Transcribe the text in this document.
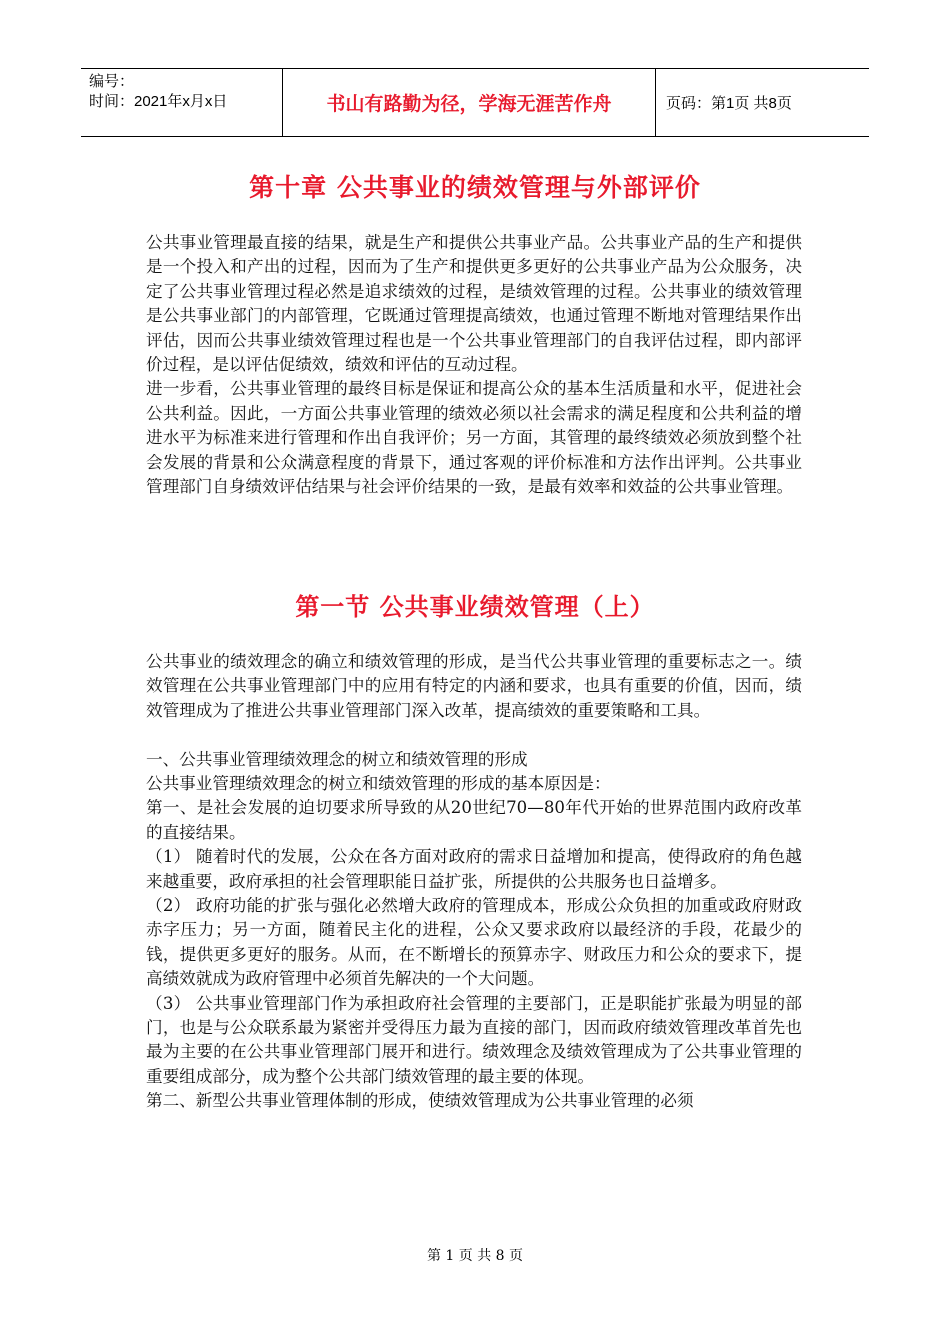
编号：
时间：2021年x月x日	书山有路勤为径，学海无涯苦作舟	页码：第1页 共8页
第十章 公共事业的绩效管理与外部评价

公共事业管理最直接的结果，就是生产和提供公共事业产品。公共事业产品的生产和提供是一个投入和产出的过程，因而为了生产和提供更多更好的公共事业产品为公众服务，决定了公共事业管理过程必然是追求绩效的过程，是绩效管理的过程。公共事业的绩效管理是公共事业部门的内部管理，它既通过管理提高绩效，也通过管理不断地对管理结果作出评估，因而公共事业绩效管理过程也是一个公共事业管理部门的自我评估过程，即内部评价过程，是以评估促绩效，绩效和评估的互动过程。

进一步看，公共事业管理的最终目标是保证和提高公众的基本生活质量和水平，促进社会公共利益。因此，一方面公共事业管理的绩效必须以社会需求的满足程度和公共利益的增进水平为标准来进行管理和作出自我评价；另一方面，其管理的最终绩效必须放到整个社会发展的背景和公众满意程度的背景下，通过客观的评价标准和方法作出评判。公共事业管理部门自身绩效评估结果与社会评价结果的一致，是最有效率和效益的公共事业管理。

第一节 公共事业绩效管理（上）

公共事业的绩效理念的确立和绩效管理的形成，是当代公共事业管理的重要标志之一。绩效管理在公共事业管理部门中的应用有特定的内涵和要求，也具有重要的价值，因而，绩效管理成为了推进公共事业管理部门深入改革，提高绩效的重要策略和工具。

一、公共事业管理绩效理念的树立和绩效管理的形成

公共事业管理绩效理念的树立和绩效管理的形成的基本原因是：

第一、是社会发展的迫切要求所导致的从20世纪70—80年代开始的世界范围内政府改革的直接结果。

（1） 随着时代的发展，公众在各方面对政府的需求日益增加和提高，使得政府的角色越来越重要，政府承担的社会管理职能日益扩张，所提供的公共服务也日益增多。

（2） 政府功能的扩张与强化必然增大政府的管理成本，形成公众负担的加重或政府财政赤字压力；另一方面，随着民主化的进程，公众又要求政府以最经济的手段，花最少的钱，提供更多更好的服务。从而，在不断增长的预算赤字、财政压力和公众的要求下，提高绩效就成为政府管理中必须首先解决的一个大问题。

（3） 公共事业管理部门作为承担政府社会管理的主要部门，正是职能扩张最为明显的部门，也是与公众联系最为紧密并受得压力最为直接的部门，因而政府绩效管理改革首先也最为主要的在公共事业管理部门展开和进行。绩效理念及绩效管理成为了公共事业管理的重要组成部分，成为整个公共部门绩效管理的最主要的体现。

第二、新型公共事业管理体制的形成，使绩效管理成为公共事业管理的必须

第 1 页 共 8 页
